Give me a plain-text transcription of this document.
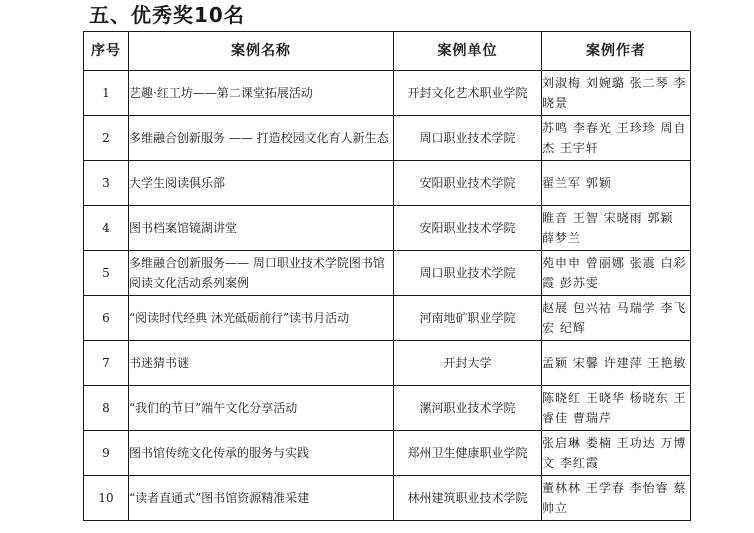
五、优秀奖10名
序号	案例名称	案例单位	案例作者
1	艺趣·红工坊——第二课堂拓展活动	开封文化艺术职业学院	刘淑梅 刘婉璐 张二琴 李晓景
2	多维融合创新服务 —— 打造校园文化育人新生态	周口职业技术学院	苏鸣 李春光 王珍珍 周自杰 王宇轩
3	大学生阅读俱乐部	安阳职业技术学院	翟兰军 郭颖
4	图书档案馆镜湖讲堂	安阳职业技术学院	睢音 王智 宋晓雨 郭颖 薛梦兰
5	多维融合创新服务—— 周口职业技术学院图书馆阅读文化活动系列案例	周口职业技术学院	苑申申 曾丽娜 张震 白彩霞 彭苏雯
6	“阅读时代经典 沐光砥砺前行”读书月活动	河南地矿职业学院	赵展 包兴祜 马瑞学 李飞宏 纪辉
7	书迷猜书谜	开封大学	孟颖 宋馨 许建萍 王艳敏
8	“我们的节日”端午文化分享活动	漯河职业技术学院	陈晓红 王晓华 杨晓东 王睿佳 曹瑞芹
9	图书馆传统文化传承的服务与实践	郑州卫生健康职业学院	张启琳 娄楠 王功达 万博文 李红霞
10	“读者直通式”图书馆资源精准采建	林州建筑职业技术学院	董林林 王学春 李怡睿 蔡帅立
